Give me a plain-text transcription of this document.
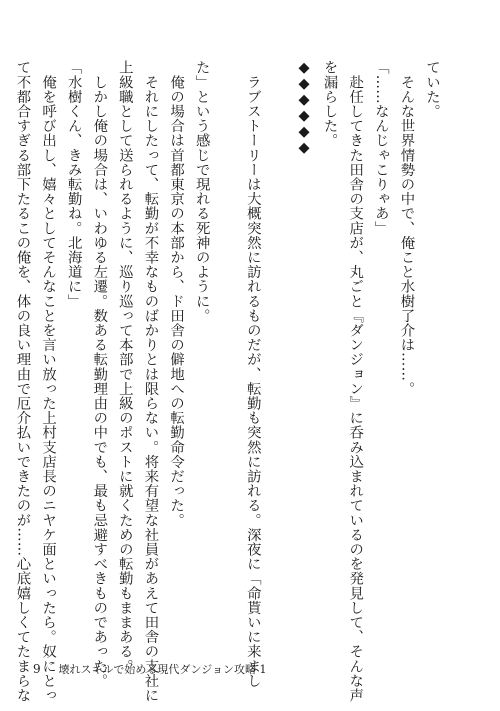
ていた。
　そんな世界情勢の中で、俺こと水樹了介は……。
「……なんじゃこりゃあ」
　赴任してきた田舎の支店が、丸ごと『ダンジョン』に呑み込まれているのを発見して、そんな声
を漏らした。
◆◆◆◆◆◆
　ラブストーリーは大概突然に訪れるものだが、転勤も突然に訪れる。深夜に「命貰いに来まし
た」という感じで現れる死神のように。
　俺の場合は首都東京の本部から、ド田舎の僻地への転勤命令だった。
　それにしたって、転勤が不幸なものばかりとは限らない。将来有望な社員があえて田舎の支社に
上級職として送られるように、巡り巡って本部で上級のポストに就くための転勤もままある。
　しかし俺の場合は、いわゆる左遷。数ある転勤理由の中でも、最も忌避すべきものであった。
「水樹くん、きみ転勤ね。北海道に」
　俺を呼び出し、嬉々としてそんなことを言い放った上村支店長のニヤケ面といったら。奴にとっ
て不都合すぎる部下たるこの俺を、体の良い理由で厄介払いできたのが……心底嬉しくてたまらな 9 壊れスキルで始める現代ダンジョン攻略 1
